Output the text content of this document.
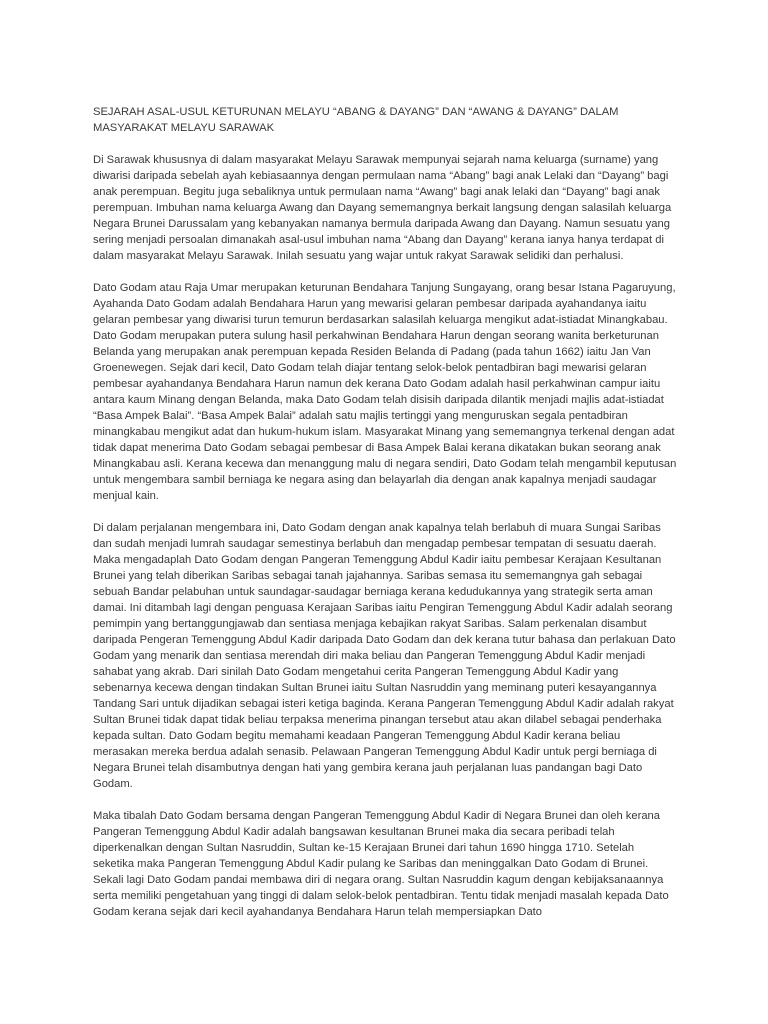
SEJARAH ASAL-USUL KETURUNAN MELAYU “ABANG & DAYANG” DAN “AWANG & DAYANG” DALAM MASYARAKAT MELAYU SARAWAK

Di Sarawak khususnya di dalam masyarakat Melayu Sarawak mempunyai sejarah nama keluarga (surname) yang diwarisi daripada sebelah ayah kebiasaannya dengan permulaan nama “Abang” bagi anak Lelaki dan “Dayang” bagi anak perempuan. Begitu juga sebaliknya untuk permulaan nama “Awang” bagi anak lelaki dan “Dayang” bagi anak perempuan. Imbuhan nama keluarga Awang dan Dayang sememangnya berkait langsung dengan salasilah keluarga Negara Brunei Darussalam yang kebanyakan namanya bermula daripada Awang dan Dayang. Namun sesuatu yang sering menjadi persoalan dimanakah asal-usul imbuhan nama “Abang dan Dayang” kerana ianya hanya terdapat di dalam masyarakat Melayu Sarawak. Inilah sesuatu yang wajar untuk rakyat Sarawak selidiki dan perhalusi.

Dato Godam atau Raja Umar merupakan keturunan Bendahara Tanjung Sungayang, orang besar Istana Pagaruyung, Ayahanda Dato Godam adalah Bendahara Harun yang mewarisi gelaran pembesar daripada ayahandanya iaitu gelaran pembesar yang diwarisi turun temurun berdasarkan salasilah keluarga mengikut adat-istiadat Minangkabau. Dato Godam merupakan putera sulung hasil perkahwinan Bendahara Harun dengan seorang wanita berketurunan Belanda yang merupakan anak perempuan kepada Residen Belanda di Padang (pada tahun 1662) iaitu Jan Van Groenewegen. Sejak dari kecil, Dato Godam telah diajar tentang selok-belok pentadbiran bagi mewarisi gelaran pembesar ayahandanya Bendahara Harun namun dek kerana Dato Godam adalah hasil perkahwinan campur iaitu antara kaum Minang dengan Belanda, maka Dato Godam telah disisih daripada dilantik menjadi majlis adat-istiadat “Basa Ampek Balai”. “Basa Ampek Balai” adalah satu majlis tertinggi yang menguruskan segala pentadbiran minangkabau mengikut adat dan hukum-hukum islam. Masyarakat Minang yang sememangnya terkenal dengan adat tidak dapat menerima Dato Godam sebagai pembesar di Basa Ampek Balai kerana dikatakan bukan seorang anak Minangkabau asli. Kerana kecewa dan menanggung malu di negara sendiri, Dato Godam telah mengambil keputusan untuk mengembara sambil berniaga ke negara asing dan belayarlah dia dengan anak kapalnya menjadi saudagar menjual kain.

Di dalam perjalanan mengembara ini, Dato Godam dengan anak kapalnya telah berlabuh di muara Sungai Saribas dan sudah menjadi lumrah saudagar semestinya berlabuh dan mengadap pembesar tempatan di sesuatu daerah. Maka mengadaplah Dato Godam dengan Pangeran Temenggung Abdul Kadir iaitu pembesar Kerajaan Kesultanan Brunei yang telah diberikan Saribas sebagai tanah jajahannya. Saribas semasa itu sememangnya gah sebagai sebuah Bandar pelabuhan untuk saundagar-saudagar berniaga kerana kedudukannya yang strategik serta aman damai. Ini ditambah lagi dengan penguasa Kerajaan Saribas iaitu Pengiran Temenggung Abdul Kadir adalah seorang pemimpin yang bertanggungjawab dan sentiasa menjaga kebajikan rakyat Saribas. Salam perkenalan disambut daripada Pengeran Temenggung Abdul Kadir daripada Dato Godam dan dek kerana tutur bahasa dan perlakuan Dato Godam yang menarik dan sentiasa merendah diri maka beliau dan Pangeran Temenggung Abdul Kadir menjadi sahabat yang akrab. Dari sinilah Dato Godam mengetahui cerita Pangeran Temenggung Abdul Kadir yang sebenarnya kecewa dengan tindakan Sultan Brunei iaitu Sultan Nasruddin yang meminang puteri kesayangannya Tandang Sari untuk dijadikan sebagai isteri ketiga baginda. Kerana Pangeran Temenggung Abdul Kadir adalah rakyat Sultan Brunei tidak dapat tidak beliau terpaksa menerima pinangan tersebut atau akan dilabel sebagai penderhaka kepada sultan. Dato Godam begitu memahami keadaan Pangeran Temenggung Abdul Kadir kerana beliau merasakan mereka berdua adalah senasib. Pelawaan Pangeran Temenggung Abdul Kadir untuk pergi berniaga di Negara Brunei telah disambutnya dengan hati yang gembira kerana jauh perjalanan luas pandangan bagi Dato Godam.

Maka tibalah Dato Godam bersama dengan Pangeran Temenggung Abdul Kadir di Negara Brunei dan oleh kerana Pangeran Temenggung Abdul Kadir adalah bangsawan kesultanan Brunei maka dia secara peribadi telah diperkenalkan dengan Sultan Nasruddin, Sultan ke-15 Kerajaan Brunei dari tahun 1690 hingga 1710. Setelah seketika maka Pangeran Temenggung Abdul Kadir pulang ke Saribas dan meninggalkan Dato Godam di Brunei. Sekali lagi Dato Godam pandai membawa diri di negara orang. Sultan Nasruddin kagum dengan kebijaksanaannya serta memiliki pengetahuan yang tinggi di dalam selok-belok pentadbiran. Tentu tidak menjadi masalah kepada Dato Godam kerana sejak dari kecil ayahandanya Bendahara Harun telah mempersiapkan Dato
